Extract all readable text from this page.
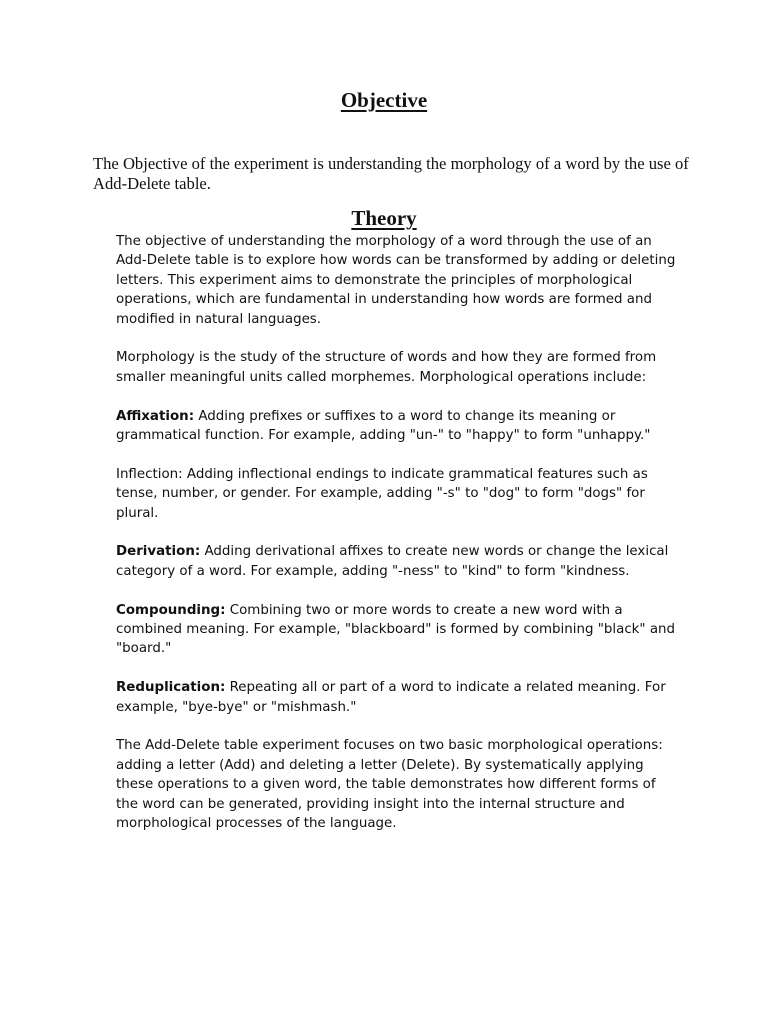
Objective

The Objective of the experiment is understanding the morphology of a word by the use of Add-Delete table.

Theory

The objective of understanding the morphology of a word through the use of an Add-Delete table is to explore how words can be transformed by adding or deleting letters. This experiment aims to demonstrate the principles of morphological operations, which are fundamental in understanding how words are formed and modified in natural languages.

Morphology is the study of the structure of words and how they are formed from smaller meaningful units called morphemes. Morphological operations include:

Affixation: Adding prefixes or suffixes to a word to change its meaning or grammatical function. For example, adding "un-" to "happy" to form "unhappy."

Inflection: Adding inflectional endings to indicate grammatical features such as tense, number, or gender. For example, adding "-s" to "dog" to form "dogs" for plural.

Derivation: Adding derivational affixes to create new words or change the lexical category of a word. For example, adding "-ness" to "kind" to form "kindness.

Compounding: Combining two or more words to create a new word with a combined meaning. For example, "blackboard" is formed by combining "black" and "board."

Reduplication: Repeating all or part of a word to indicate a related meaning. For example, "bye-bye" or "mishmash."

The Add-Delete table experiment focuses on two basic morphological operations: adding a letter (Add) and deleting a letter (Delete). By systematically applying these operations to a given word, the table demonstrates how different forms of the word can be generated, providing insight into the internal structure and morphological processes of the language.
